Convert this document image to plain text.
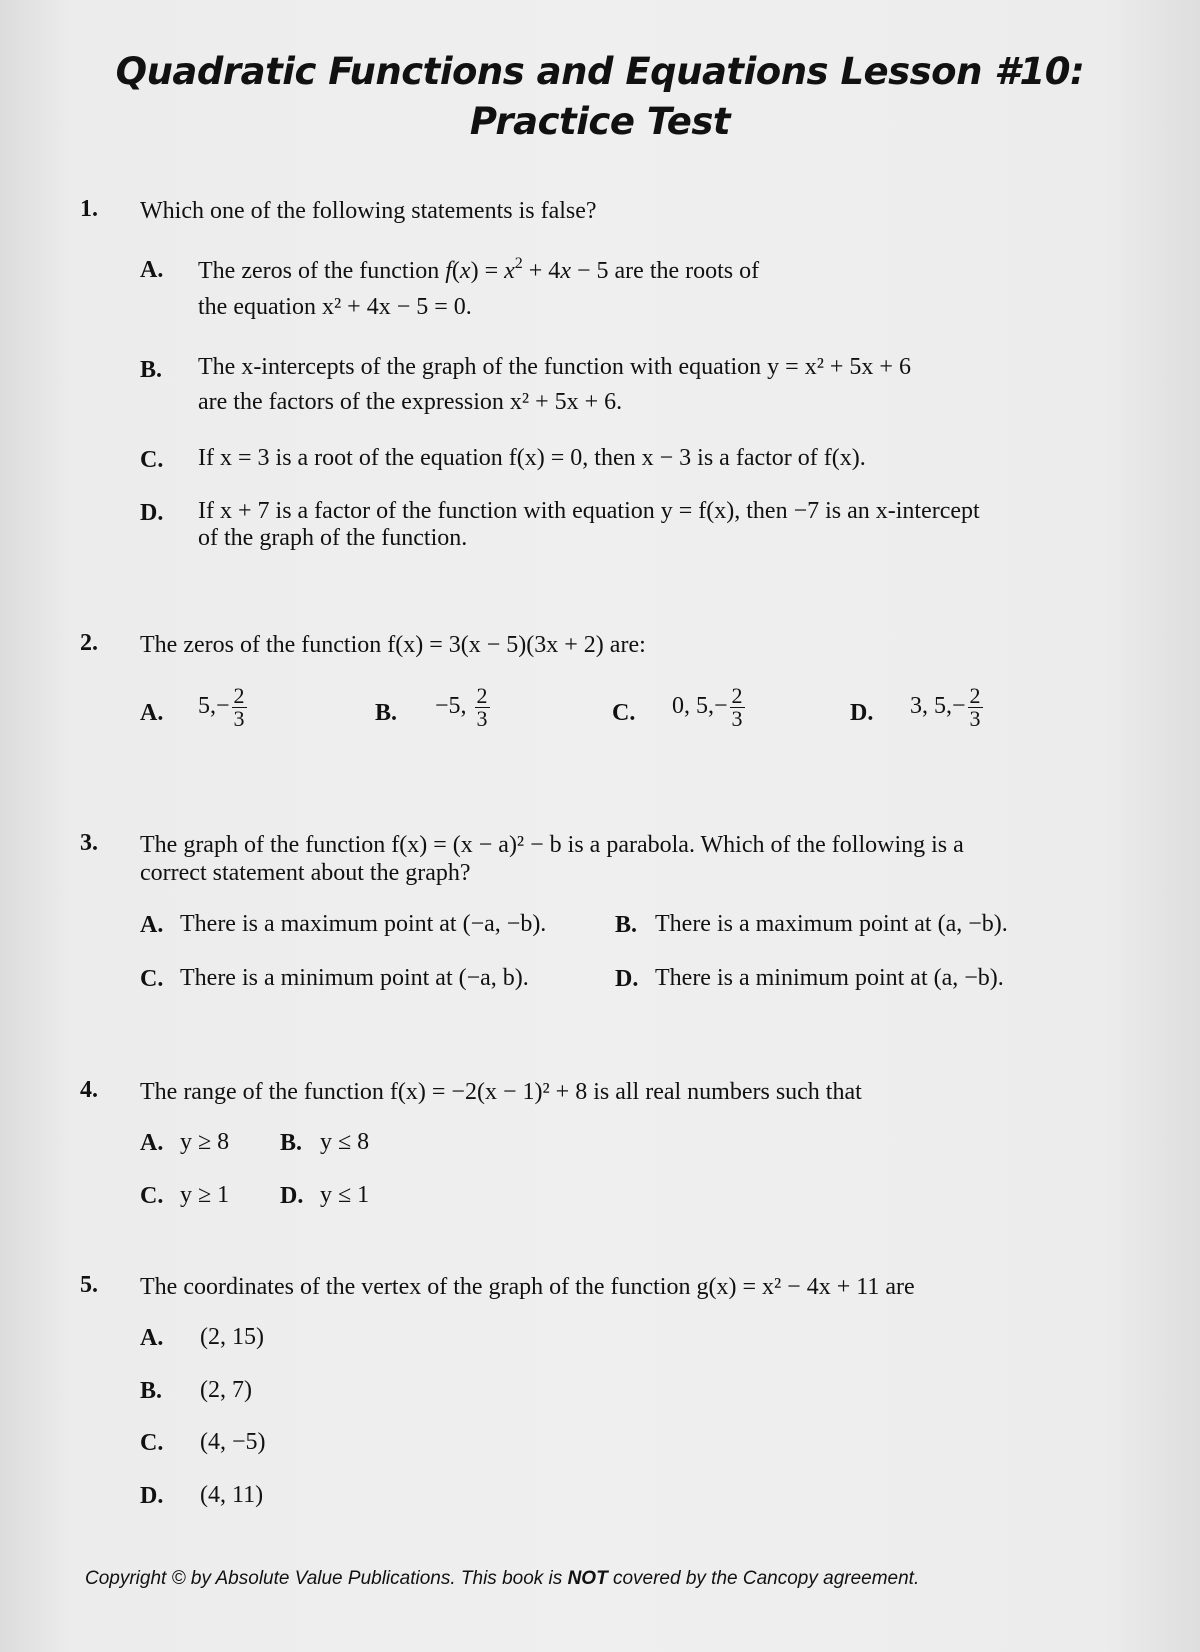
Quadratic Functions and Equations Lesson #10:
Practice Test
1. Which one of the following statements is false?
A. The zeros of the function $f(x) = x^2 + 4x - 5$ are the roots of
the equation x² + 4x − 5 = 0.
B. The x-intercepts of the graph of the function with equation y = x² + 5x + 6
are the factors of the expression x² + 5x + 6.
C. If x = 3 is a root of the equation f(x) = 0, then x − 3 is a factor of f(x).
D. If x + 7 is a factor of the function with equation y = f(x), then −7 is an x-intercept
of the graph of the function.
2. The zeros of the function f(x) = 3(x − 5)(3x + 2) are:
A. $5,- \frac{2}{3}$	B. −5, $\frac{2}{3}$	C. 0, $5,- \frac{2}{3}$	D. 3, $5,- \frac{2}{3}$
3. The graph of the function f(x) = (x − a)² − b is a parabola. Which of the following is a
correct statement about the graph?
A. There is a maximum point at (−a, −b).	B. There is a maximum point at (a, −b).
C. There is a minimum point at (−a, b).	D. There is a minimum point at (a, −b).
4. The range of the function f(x) = −2(x − 1)² + 8 is all real numbers such that
A. y ≥ 8 B. y ≤ 8
C. y ≥ 1 D. y ≤ 1
5. The coordinates of the vertex of the graph of the function g(x) = x² − 4x + 11 are
A. (2, 15)
B. (2, 7)
C. (4, −5)
D. (4, 11)
Copyright © by Absolute Value Publications. This book is NOT covered by the Cancopy agreement.
